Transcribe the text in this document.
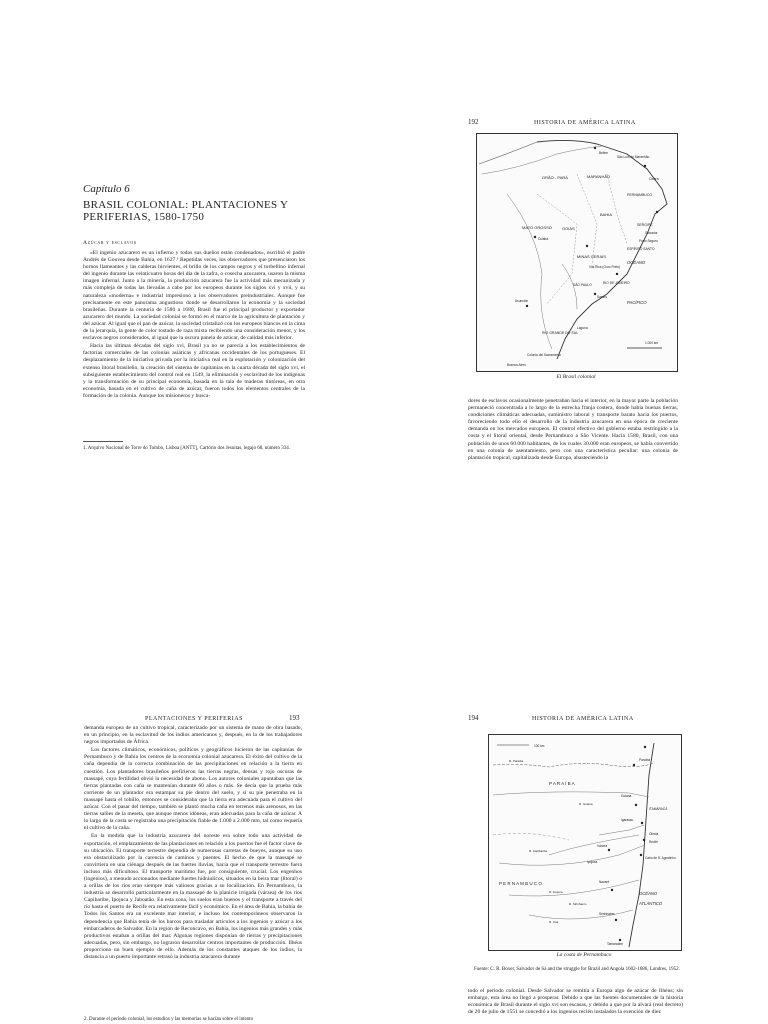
Capítulo 6
BRASIL COLONIAL: PLANTACIONES Y PERIFERIAS, 1580-1750
Azúcar y esclavos

«El ingenio azucarero es un infierno y todos sus dueños están condenados», escribió el padre Andrés de Gouvea desde Bahía, en 1627.¹ Repetidas veces, los observadores que presenciaron los hornos llameantes y las calderas hirvientes, el brillo de los campos negros y el torbellino infernal del ingenio durante las veinticuatro horas del día de la zafra, o cosecha azucarera, usaron la misma imagen infernal. Junto a la minería, la producción azucarera fue la actividad más mecanizada y más compleja de todas las llevadas a cabo por los europeos durante los siglos xvi y xvii, y su naturaleza «moderna» e industrial impresionó a los observadores preindustriales. Aunque fue precisamente en este panorama angustioso donde se desarrollaron la economía y la sociedad brasileñas. Durante la centuria de 1580 a 1680, Brasil fue el principal productor y exportador azucarero del mundo. La sociedad colonial se formó en el marco de la agricultura de plantación y del azúcar. Al igual que el pan de azúcar, la sociedad cristalizó con los europeos blancos en la cima de la jerarquía, la gente de color tostado de raza mixta recibiendo una consideración menor, y los esclavos negros considerados, al igual que la oscura panela de azúcar, de calidad más inferior.

Hacia las últimas décadas del siglo xvi, Brasil ya no se parecía a los establecimientos de factorías comerciales de las colonias asiáticas y africanas occidentales de los portugueses. El desplazamiento de la iniciativa privada por la iniciativa real en la explotación y colonización del extenso litoral brasileño, la creación del sistema de capitanías en la cuarta década del siglo xvi, el subsiguiente establecimiento del control real en 1549, la eliminación y esclavitud de los indígenas y la transformación de su principal economía, basada en la tala de maderas tintóreas, en otra economía, basada en el cultivo de caña de azúcar, fueron todos los elementos centrales de la formación de la colonia. Aunque los misioneros y busca-

1. Arquivo Nacional de Torre do Tombo, Lisboa [ANTT], Cartório dos Jesuitas, legajo 68, número 334.
192	HISTORIA DE AMÉRICA LATINA
GRÃO - PARÁ	MARANHÃO
MATO GROSSO	GOIÁS
BAHIA
MINAS GERAIS
ESPÍRITO SANTO
RIO DE JANEIRO
SÃO PAULO
RIO GRANDE DO SUL
Colonia del Sacramento
Ceará
PERNAMBUCO
SERGIPE
Belém
São Luís do Maranhão
Salvador
Cuiabá
Vila Rica (Ouro Preto)
Santos
Asunción
Buenos Aires
Laguna
Porto Seguro
OCÉANO
PACÍFICO
1.000 km
El Brasil colonial

dores de esclavos ocasionalmente penetraban hacia el interior, en la mayor parte la población permaneció concentrada a lo largo de la estrecha franja costera, donde había buenas tierras, condiciones climáticas adecuadas, suministro laboral y transporte barato hacia los puertos, favoreciendo todo ello el desarrollo de la industria azucarera en una época de creciente demanda en los mercados europeos. El control efectivo del gobierno estaba restringido a la costa y el litoral oriental, desde Pernambuco a São Vicente. Hacia 1580, Brasil, con una población de unos 60.000 habitantes, de los cuales 30.000 eran europeos, se había convertido en una colonia de asentamiento, pero con una característica peculiar: una colonia de plantación tropical, capitalizada desde Europa, abasteciendo la

PLANTACIONES Y PERIFERIAS	193

demanda europea de un cultivo tropical, caracterizado por un sistema de mano de obra basado, en un principio, en la esclavitud de los indios americanos y, después, en la de los trabajadores negros importados de África.

Los factores climáticos, económicos, políticos y geográficos hicieron de las capitanías de Pernambuco y de Bahía los centros de la economía colonial azucarera. El éxito del cultivo de la caña dependía de la correcta combinación de las precipitaciones en relación a la tierra en cuestión. Los plantadores brasileños prefirieron las tierras negras, densas y rojo oscuras de massapé, cuya fertilidad obvió la necesidad de abono. Los autores coloniales apuntaban que las tierras plantadas con caña se mantenían durante 60 años o más. Se decía que la prueba más corriente de un plantador era estampar su pie dentro del suelo, y si su pie penetraba en la massapé hasta el tobillo, entonces se consideraba que la tierra era adecuada para el cultivo del azúcar. Con el pasar del tiempo, también se plantó mucha caña en terrenos más arenosos, en las tierras salões de la meseta, que aunque menos idóneas, eran adecuadas para la caña de azúcar. A lo largo de la costa se registraba una precipitación fiable de 1.000 a 2.000 mm, tal como requería el cultivo de la caña.

En la medida que la industria azucarera del noreste era sobre todo una actividad de exportación, el emplazamiento de las plantaciones en relación a los puertos fue el factor clave de su ubicación. El transporte terrestre dependía de numerosas carretas de bueyes, aunque su uso era obstaculizado por la carencia de caminos y puentes. El hecho de que la massapé se convirtiera en una ciénaga después de las fuertes lluvias, hacía que el transporte terrestre fuera incluso más dificultoso. El transporte marítimo fue, por consiguiente, crucial. Los engenhos (ingenios), a menudo accionados mediante fuertes hidráulicos, situados en la beira mar (litoral) o a orillas de los ríos eran siempre más valiosos gracias a su localización. En Pernambuco, la industria se desarrolló particularmente en la massapé de la planicie irrigada (várzea) de los ríos Capibaribe, Ipojuca y Jaboatão. En esta zona, los suelos eran buenos y el transporte a través del río hasta el puerto de Recife era relativamente fácil y económico. En el área de Bahía, la bahía de Todos los Santos era un excelente mar interior, e incluso los contemporáneos observaron la dependencia que Bahía tenía de los barcos para trasladar artículos a los ingenios y azúcar a los embarcaderos de Salvador. En la región de Reconcavo, en Bahía, los ingenios más grandes y más productivos estaban a orillas del mar. Algunas regiones disponían de tierras y precipitaciones adecuadas, pero, sin embargo, no lograron desarrollar centros importantes de producción. Ilhéus proporciona un buen ejemplo de ello. Además de los constantes ataques de los indios, la distancia a un puerto importante retrasó la industria azucarera durante

2. Durante el período colonial, los estudios y las memorias se hacían sobre el intento
194	HISTORIA DE AMÉRICA LATINA
100 km
P A R A Í B A
P E R N A M B U C O
ITAMARACÁ
Olinda
Recife
Cabo de S. Agostinho
Nazaré
Serinhaém
Tamandaré
Igarassu
Goiana
Paraíba
Ipojuca
Várzea
OCÉANO
ATLÁNTICO
R. Capibaribe
R. Ipojuca
R. Una
R. Sirinhaém
R. Paraíba
R. Goiana
La costa de Pernambuco
Fuente: C. R. Boxer, Salvador de Sá and the struggle for Brazil and Angola 1602-1686, Londres, 1952.

todo el periodo colonial. Desde Salvador se remitía a Europa algo de azúcar de Ilhéus; sin embargo, esta área no llegó a prosperar. Debido a que las fuentes documentales de la historia económica de Brasil durante el siglo xvi son escasas, y debido a que por la alvará (real decreto) de 20 de julio de 1551 se concedió a los ingenios recién instalados la exención de diez
